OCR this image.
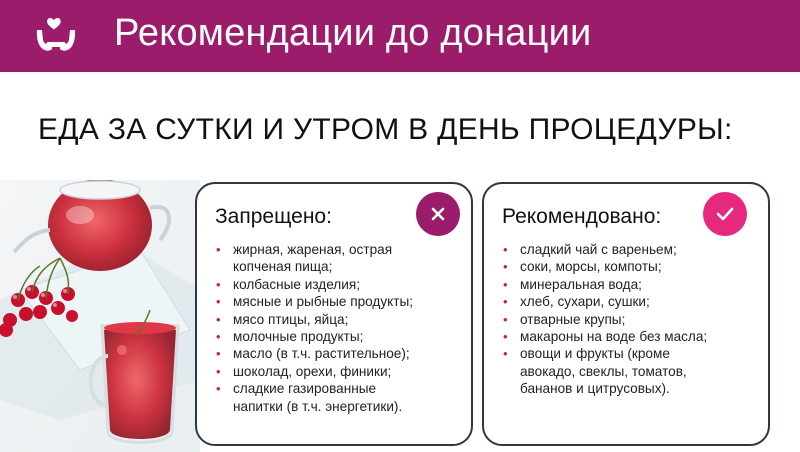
Рекомендации до донации
ЕДА ЗА СУТКИ И УТРОМ В ДЕНЬ ПРОЦЕДУРЫ:
Запрещено:
• жирная, жареная, острая
копченая пища;
• колбасные изделия;
• мясные и рыбные продукты;
• мясо птицы, яйца;
• молочные продукты;
• масло (в т.ч. растительное);
• шоколад, орехи, финики;
• сладкие газированные
напитки (в т.ч. энергетики).
Рекомендовано:
• сладкий чай с вареньем;
• соки, морсы, компоты;
• минеральная вода;
• хлеб, сухари, сушки;
• отварные крупы;
• макароны на воде без масла;
• овощи и фрукты (кроме
авокадо, свеклы, томатов,
бананов и цитрусовых).
